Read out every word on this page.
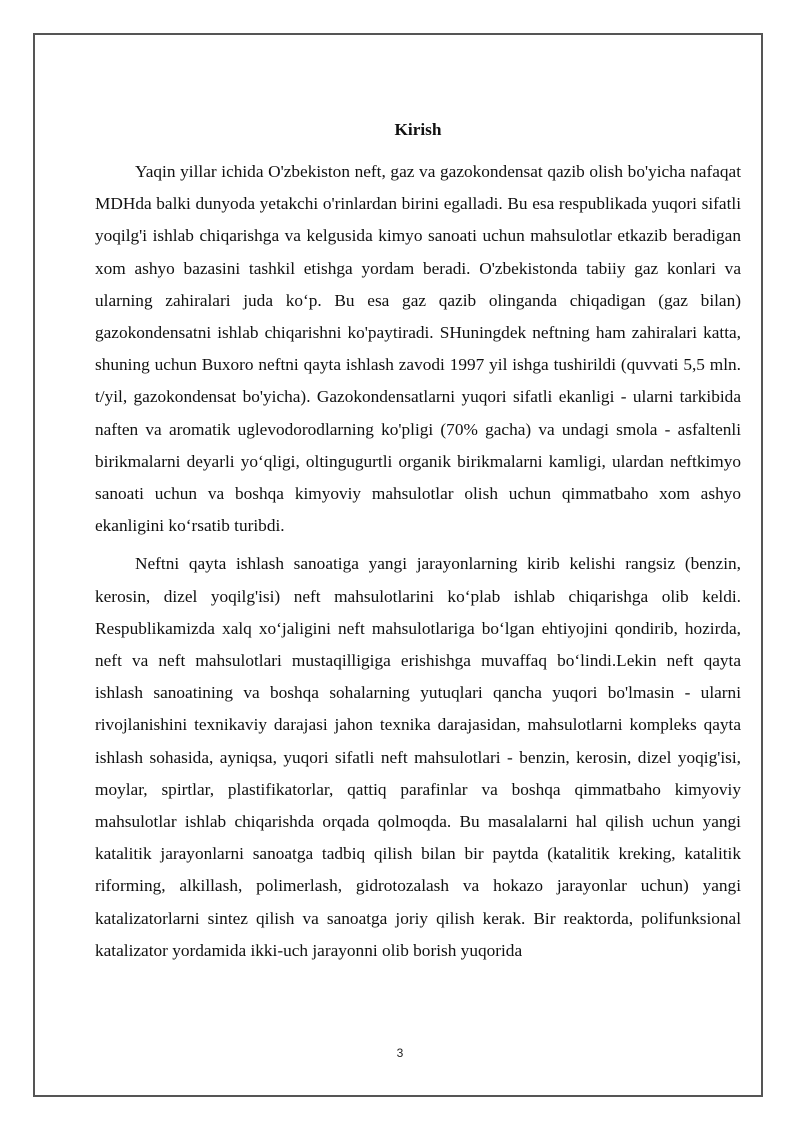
Kirish

Yaqin yillar ichida O'zbekiston neft, gaz va gazokondensat qazib olish bo'yicha nafaqat MDHda balki dunyoda yetakchi o'rinlardan birini egalladi. Bu esa respublikada yuqori sifatli yoqilg'i ishlab chiqarishga va kelgusida kimyo sanoati uchun mahsulotlar etkazib beradigan xom ashyo bazasini tashkil etishga yordam beradi. O'zbekistonda tabiiy gaz konlari va ularning zahiralari juda ko‘p. Bu esa gaz qazib olinganda chiqadigan (gaz bilan) gazokondensatni ishlab chiqarishni ko'paytiradi. SHuningdek neftning ham zahiralari katta, shuning uchun Buxoro neftni qayta ishlash zavodi 1997 yil ishga tushirildi (quvvati 5,5 mln. t/yil, gazokondensat bo'yicha). Gazokondensatlarni yuqori sifatli ekanligi - ularni tarkibida naften va aromatik uglevodorodlarning ko'pligi (70% gacha) va undagi smola - asfaltenli birikmalarni deyarli yo‘qligi, oltingugurtli organik birikmalarni kamligi, ulardan neftkimyo sanoati uchun va boshqa kimyoviy mahsulotlar olish uchun qimmatbaho xom ashyo ekanligini ko‘rsatib turibdi.

Neftni qayta ishlash sanoatiga yangi jarayonlarning kirib kelishi rangsiz (benzin, kerosin, dizel yoqilg'isi) neft mahsulotlarini ko‘plab ishlab chiqarishga olib keldi. Respublikamizda xalq xo‘jaligini neft mahsulotlariga bo‘lgan ehtiyojini qondirib, hozirda, neft va neft mahsulotlari mustaqilligiga erishishga muvaffaq bo‘lindi.Lekin neft qayta ishlash sanoatining va boshqa sohalarning yutuqlari qancha yuqori bo'lmasin - ularni rivojlanishini texnikaviy darajasi jahon texnika darajasidan, mahsulotlarni kompleks qayta ishlash sohasida, ayniqsa, yuqori sifatli neft mahsulotlari - benzin, kerosin, dizel yoqig'isi, moylar, spirtlar, plastifikatorlar, qattiq parafinlar va boshqa qimmatbaho kimyoviy mahsulotlar ishlab chiqarishda orqada qolmoqda. Bu masalalarni hal qilish uchun yangi katalitik jarayonlarni sanoatga tadbiq qilish bilan bir paytda (katalitik kreking, katalitik riforming, alkillash, polimerlash, gidrotozalash va hokazo jarayonlar uchun) yangi katalizatorlarni sintez qilish va sanoatga joriy qilish kerak. Bir reaktorda, polifunksional katalizator yordamida ikki-uch jarayonni olib borish yuqorida

3
